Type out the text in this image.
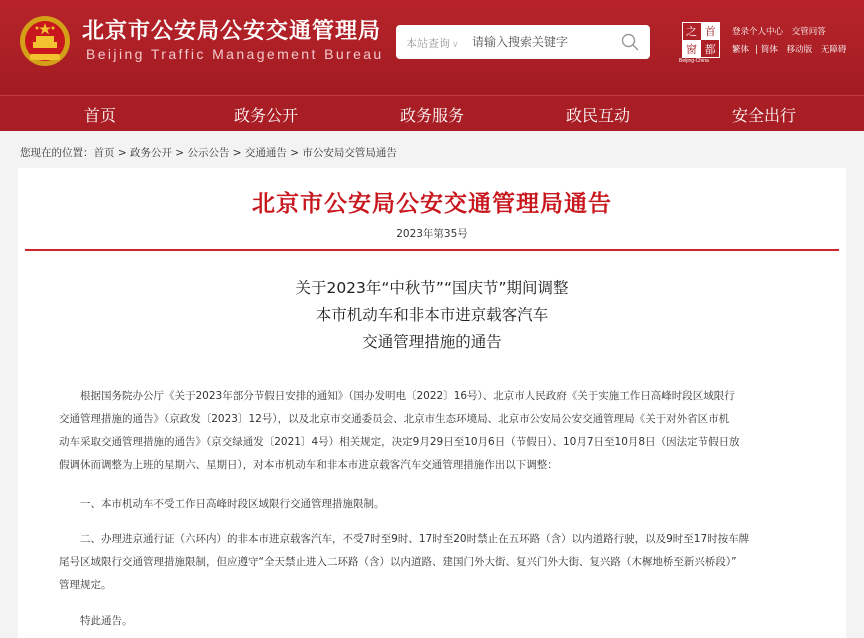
北京市公安局公安交通管理局
Beijing Traffic Management Bureau
本站查询 ∨
请输入搜索关键字
之 首
窗 都
Beijing-China
登录个人中心 交管问答
繁体 | 简体 移动版 无障碍
首页	政务公开	政务服务	政民互动	安全出行
您现在的位置：首页 > 政务公开 > 公示公告 > 交通通告 > 市公安局交管局通告
北京市公安局公安交通管理局通告
2023年第35号
关于2023年“中秋节”“国庆节”期间调整
本市机动车和非本市进京载客汽车
交通管理措施的通告
根据国务院办公厅《关于2023年部分节假日安排的通知》（国办发明电〔2022〕16号）、北京市人民政府《关于实施工作日高峰时段区域限行
交通管理措施的通告》（京政发〔2023〕12号），以及北京市交通委员会、北京市生态环境局、北京市公安局公安交通管理局《关于对外省区市机
动车采取交通管理措施的通告》（京交绿通发〔2021〕4号）相关规定，决定9月29日至10月6日（节假日）、10月7日至10月8日（因法定节假日放
假调休而调整为上班的星期六、星期日），对本市机动车和非本市进京载客汽车交通管理措施作出以下调整：
一、本市机动车不受工作日高峰时段区域限行交通管理措施限制。
二、办理进京通行证（六环内）的非本市进京载客汽车，不受7时至9时、17时至20时禁止在五环路（含）以内道路行驶，以及9时至17时按车牌
尾号区域限行交通管理措施限制，但应遵守“全天禁止进入二环路（含）以内道路、建国门外大街、复兴门外大街、复兴路（木樨地桥至新兴桥段）”
管理规定。
特此通告。
